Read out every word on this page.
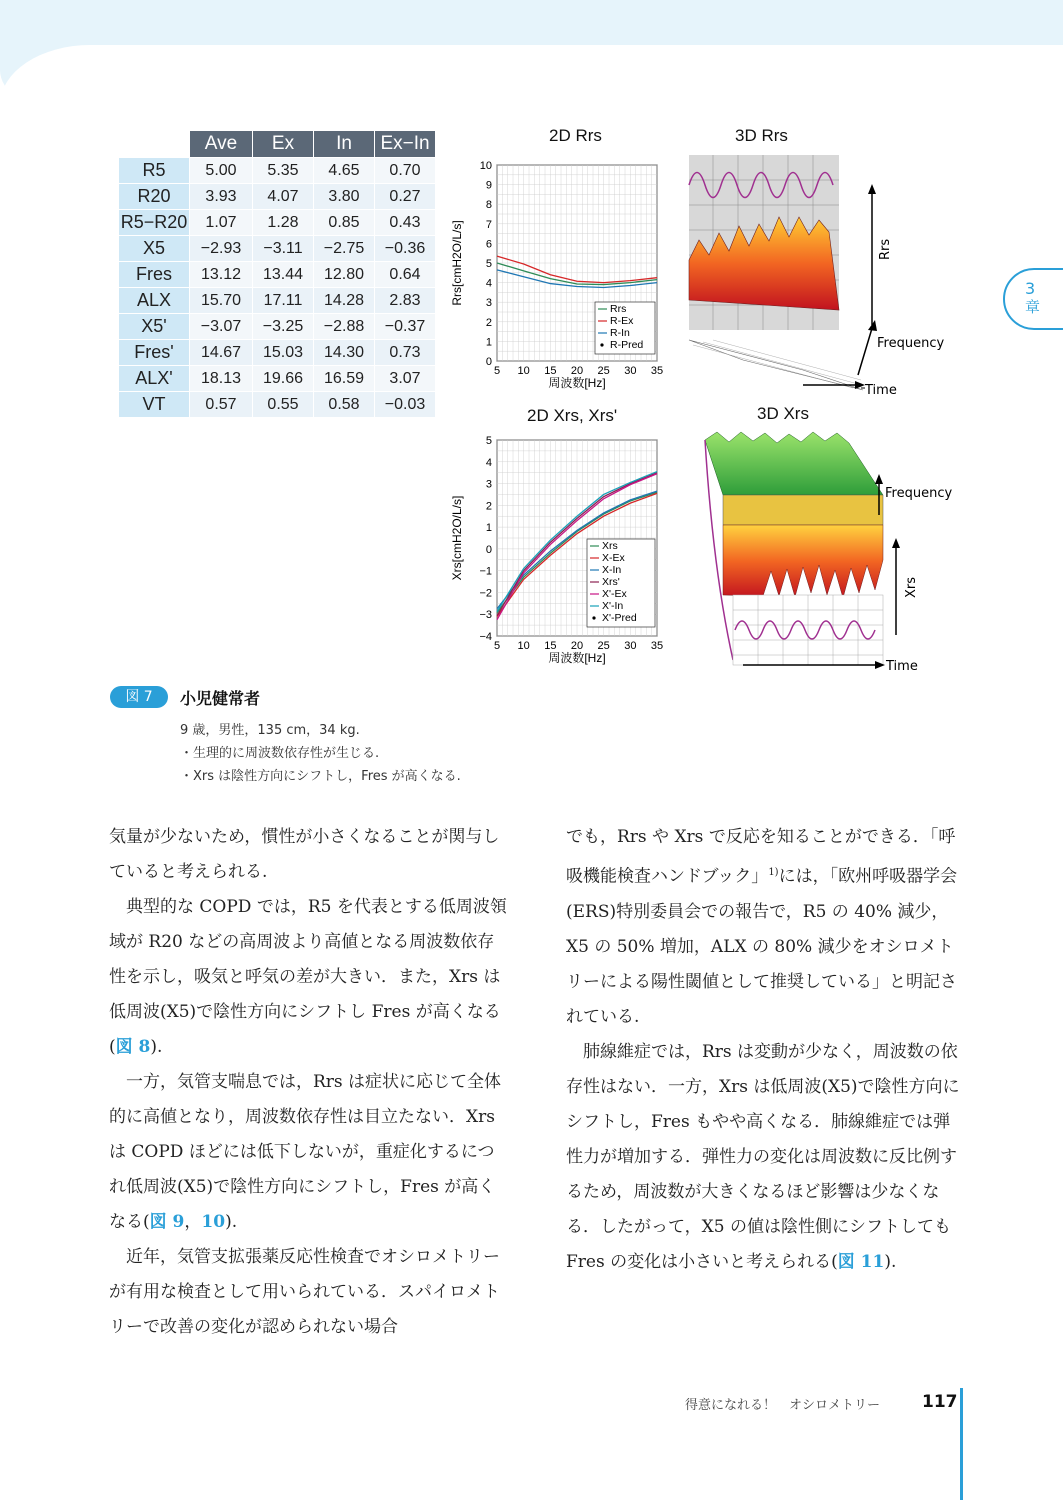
3
章
	Ave	Ex	In	Ex−In
R5	5.00	5.35	4.65	0.70
R20	3.93	4.07	3.80	0.27
R5−R20	1.07	1.28	0.85	0.43
X5	−2.93	−3.11	−2.75	−0.36
Fres	13.12	13.44	12.80	0.64
ALX	15.70	17.11	14.28	2.83
X5'	−3.07	−3.25	−2.88	−0.37
Fres'	14.67	15.03	14.30	0.73
ALX'	18.13	19.66	16.59	3.07
VT	0.57	0.55	0.58	−0.03
2D Rrs	3D Rrs
2D Xrs, Xrs'	3D Xrs
5 10 15 20 25 30 35
0
1
2
3
4
5
6
7
8
9
10
周波数[Hz]
Rrs[cmH2O/L/s]
Rrs
R-Ex
R-In
R-Pred
5 10 15 20 25 30 35
−4
−3
−2
−1
0
1
2
3
4
5
周波数[Hz]
Xrs[cmH2O/L/s]	Xrs
X-Ex
X-In
Xrs'
X'-Ex
X'-In
X'-Pred
Rrs
Frequency
Time
Xrs
Frequency
Time
図 7	小児健常者
9 歳，男性，135 cm，34 kg.
・生理的に周波数依存性が生じる.
・Xrs は陰性方向にシフトし，Fres が高くなる.

気量が少ないため，慣性が小さくなることが関与していると考えられる.

典型的な COPD では，R5 を代表とする低周波領域が R20 などの高周波より高値となる周波数依存性を示し，吸気と呼気の差が大きい．また，Xrs は低周波(X5)で陰性方向にシフトし Fres が高くなる(図 8).

一方，気管支喘息では，Rrs は症状に応じて全体的に高値となり，周波数依存性は目立たない．Xrs は COPD ほどには低下しないが，重症化するにつれ低周波(X5)で陰性方向にシフトし，Fres が高くなる(図 9，10).

近年，気管支拡張薬反応性検査でオシロメトリーが有用な検査として用いられている．スパイロメトリーで改善の変化が認められない場合

でも，Rrs や Xrs で反応を知ることができる．「呼吸機能検査ハンドブック」$^{1)}$には，「欧州呼吸器学会(ERS)特別委員会での報告で，R5 の 40% 減少，X5 の 50% 増加，ALX の 80% 減少をオシロメトリーによる陽性閾値として推奨している」と明記されている.

肺線維症では，Rrs は変動が少なく，周波数の依存性はない．一方，Xrs は低周波(X5)で陰性方向にシフトし，Fres もやや高くなる．肺線維症では弾性力が増加する．弾性力の変化は周波数に反比例するため，周波数が大きくなるほど影響は少なくなる．したがって，X5 の値は陰性側にシフトしても Fres の変化は小さいと考えられる(図 11).

得意になれる！　オシロメトリー 117
